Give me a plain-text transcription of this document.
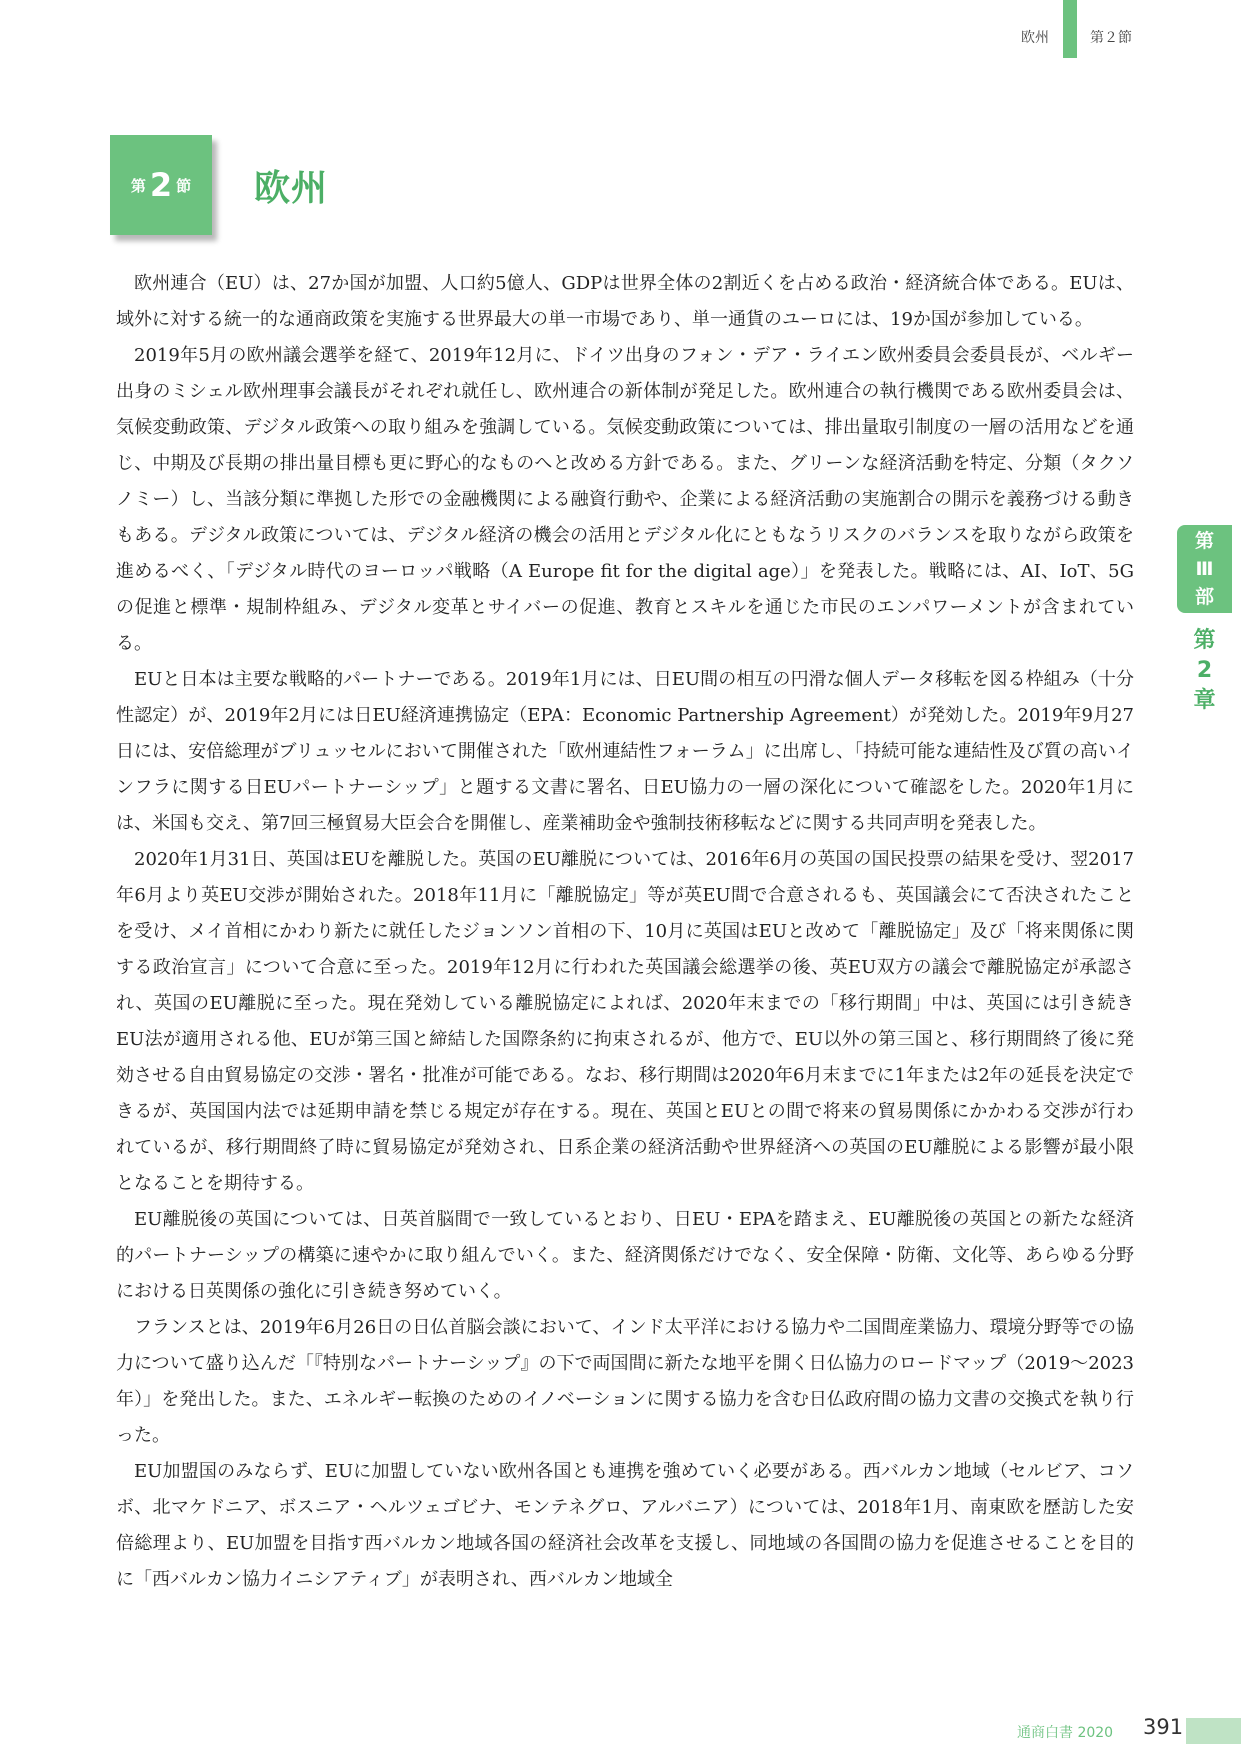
欧州	第２節
第 2 節 欧州

欧州連合（EU）は、27か国が加盟、人口約5億人、GDPは世界全体の2割近くを占める政治・経済統合体である。EUは、域外に対する統一的な通商政策を実施する世界最大の単一市場であり、単一通貨のユーロには、19か国が参加している。

2019年5月の欧州議会選挙を経て、2019年12月に、ドイツ出身のフォン・デア・ライエン欧州委員会委員長が、ベルギー出身のミシェル欧州理事会議長がそれぞれ就任し、欧州連合の新体制が発足した。欧州連合の執行機関である欧州委員会は、気候変動政策、デジタル政策への取り組みを強調している。気候変動政策については、排出量取引制度の一層の活用などを通じ、中期及び長期の排出量目標も更に野心的なものへと改める方針である。また、グリーンな経済活動を特定、分類（タクソノミー）し、当該分類に準拠した形での金融機関による融資行動や、企業による経済活動の実施割合の開示を義務づける動きもある。デジタル政策については、デジタル経済の機会の活用とデジタル化にともなうリスクのバランスを取りながら政策を進めるべく、「デジタル時代のヨーロッパ戦略（A Europe fit for the digital age）」を発表した。戦略には、AI、IoT、5Gの促進と標準・規制枠組み、デジタル変革とサイバーの促進、教育とスキルを通じた市民のエンパワーメントが含まれている。

EUと日本は主要な戦略的パートナーである。2019年1月には、日EU間の相互の円滑な個人データ移転を図る枠組み（十分性認定）が、2019年2月には日EU経済連携協定（EPA：Economic Partnership Agreement）が発効した。2019年9月27日には、安倍総理がブリュッセルにおいて開催された「欧州連結性フォーラム」に出席し、「持続可能な連結性及び質の高いインフラに関する日EUパートナーシップ」と題する文書に署名、日EU協力の一層の深化について確認をした。2020年1月には、米国も交え、第7回三極貿易大臣会合を開催し、産業補助金や強制技術移転などに関する共同声明を発表した。

2020年1月31日、英国はEUを離脱した。英国のEU離脱については、2016年6月の英国の国民投票の結果を受け、翌2017年6月より英EU交渉が開始された。2018年11月に「離脱協定」等が英EU間で合意されるも、英国議会にて否決されたことを受け、メイ首相にかわり新たに就任したジョンソン首相の下、10月に英国はEUと改めて「離脱協定」及び「将来関係に関する政治宣言」について合意に至った。2019年12月に行われた英国議会総選挙の後、英EU双方の議会で離脱協定が承認され、英国のEU離脱に至った。現在発効している離脱協定によれば、2020年末までの「移行期間」中は、英国には引き続きEU法が適用される他、EUが第三国と締結した国際条約に拘束されるが、他方で、EU以外の第三国と、移行期間終了後に発効させる自由貿易協定の交渉・署名・批准が可能である。なお、移行期間は2020年6月末までに1年または2年の延長を決定できるが、英国国内法では延期申請を禁じる規定が存在する。現在、英国とEUとの間で将来の貿易関係にかかわる交渉が行われているが、移行期間終了時に貿易協定が発効され、日系企業の経済活動や世界経済への英国のEU離脱による影響が最小限となることを期待する。

EU離脱後の英国については、日英首脳間で一致しているとおり、日EU・EPAを踏まえ、EU離脱後の英国との新たな経済的パートナーシップの構築に速やかに取り組んでいく。また、経済関係だけでなく、安全保障・防衛、文化等、あらゆる分野における日英関係の強化に引き続き努めていく。

フランスとは、2019年6月26日の日仏首脳会談において、インド太平洋における協力や二国間産業協力、環境分野等での協力について盛り込んだ「『特別なパートナーシップ』の下で両国間に新たな地平を開く日仏協力のロードマップ（2019～2023年）」を発出した。また、エネルギー転換のためのイノベーションに関する協力を含む日仏政府間の協力文書の交換式を執り行った。

EU加盟国のみならず、EUに加盟していない欧州各国とも連携を強めていく必要がある。西バルカン地域（セルビア、コソボ、北マケドニア、ボスニア・ヘルツェゴビナ、モンテネグロ、アルバニア）については、2018年1月、南東欧を歴訪した安倍総理より、EU加盟を目指す西バルカン地域各国の経済社会改革を支援し、同地域の各国間の協力を促進させることを目的に「西バルカン協力イニシアティブ」が表明され、西バルカン地域全

第
Ⅲ
部
第
2
章
通商白書 2020 391
